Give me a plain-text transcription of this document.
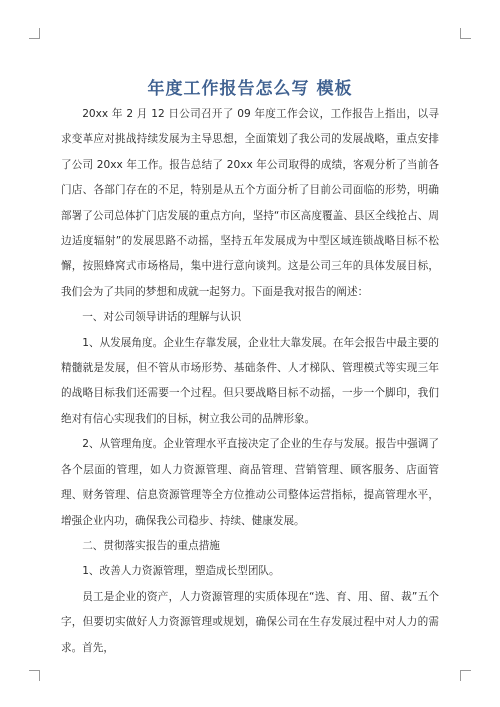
年度工作报告怎么写 模板

20xx 年 2 月 12 日公司召开了 09 年度工作会议，工作报告上指出，以寻求变革应对挑战持续发展为主导思想，全面策划了我公司的发展战略，重点安排了公司 20xx 年工作。报告总结了 20xx 年公司取得的成绩，客观分析了当前各门店、各部门存在的不足，特别是从五个方面分析了目前公司面临的形势，明确部署了公司总体扩门店发展的重点方向，坚持“市区高度覆盖、县区全线抢占、周边适度辐射”的发展思路不动摇，坚持五年发展成为中型区域连锁战略目标不松懈，按照蜂窝式市场格局，集中进行意向谈判。这是公司三年的具体发展目标，我们会为了共同的梦想和成就一起努力。下面是我对报告的阐述：

一、对公司领导讲话的理解与认识

1、从发展角度。企业生存靠发展，企业壮大靠发展。在年会报告中最主要的精髓就是发展，但不管从市场形势、基础条件、人才梯队、管理模式等实现三年的战略目标我们还需要一个过程。但只要战略目标不动摇，一步一个脚印，我们绝对有信心实现我们的目标，树立我公司的品牌形象。

2、从管理角度。企业管理水平直接决定了企业的生存与发展。报告中强调了各个层面的管理，如人力资源管理、商品管理、营销管理、顾客服务、店面管理、财务管理、信息资源管理等全方位推动公司整体运营指标，提高管理水平，增强企业内功，确保我公司稳步、持续、健康发展。

二、贯彻落实报告的重点措施

1、改善人力资源管理，塑造成长型团队。

员工是企业的资产，人力资源管理的实质体现在“选、育、用、留、裁”五个字，但要切实做好人力资源管理或规划，确保公司在生存发展过程中对人力的需求。首先，
